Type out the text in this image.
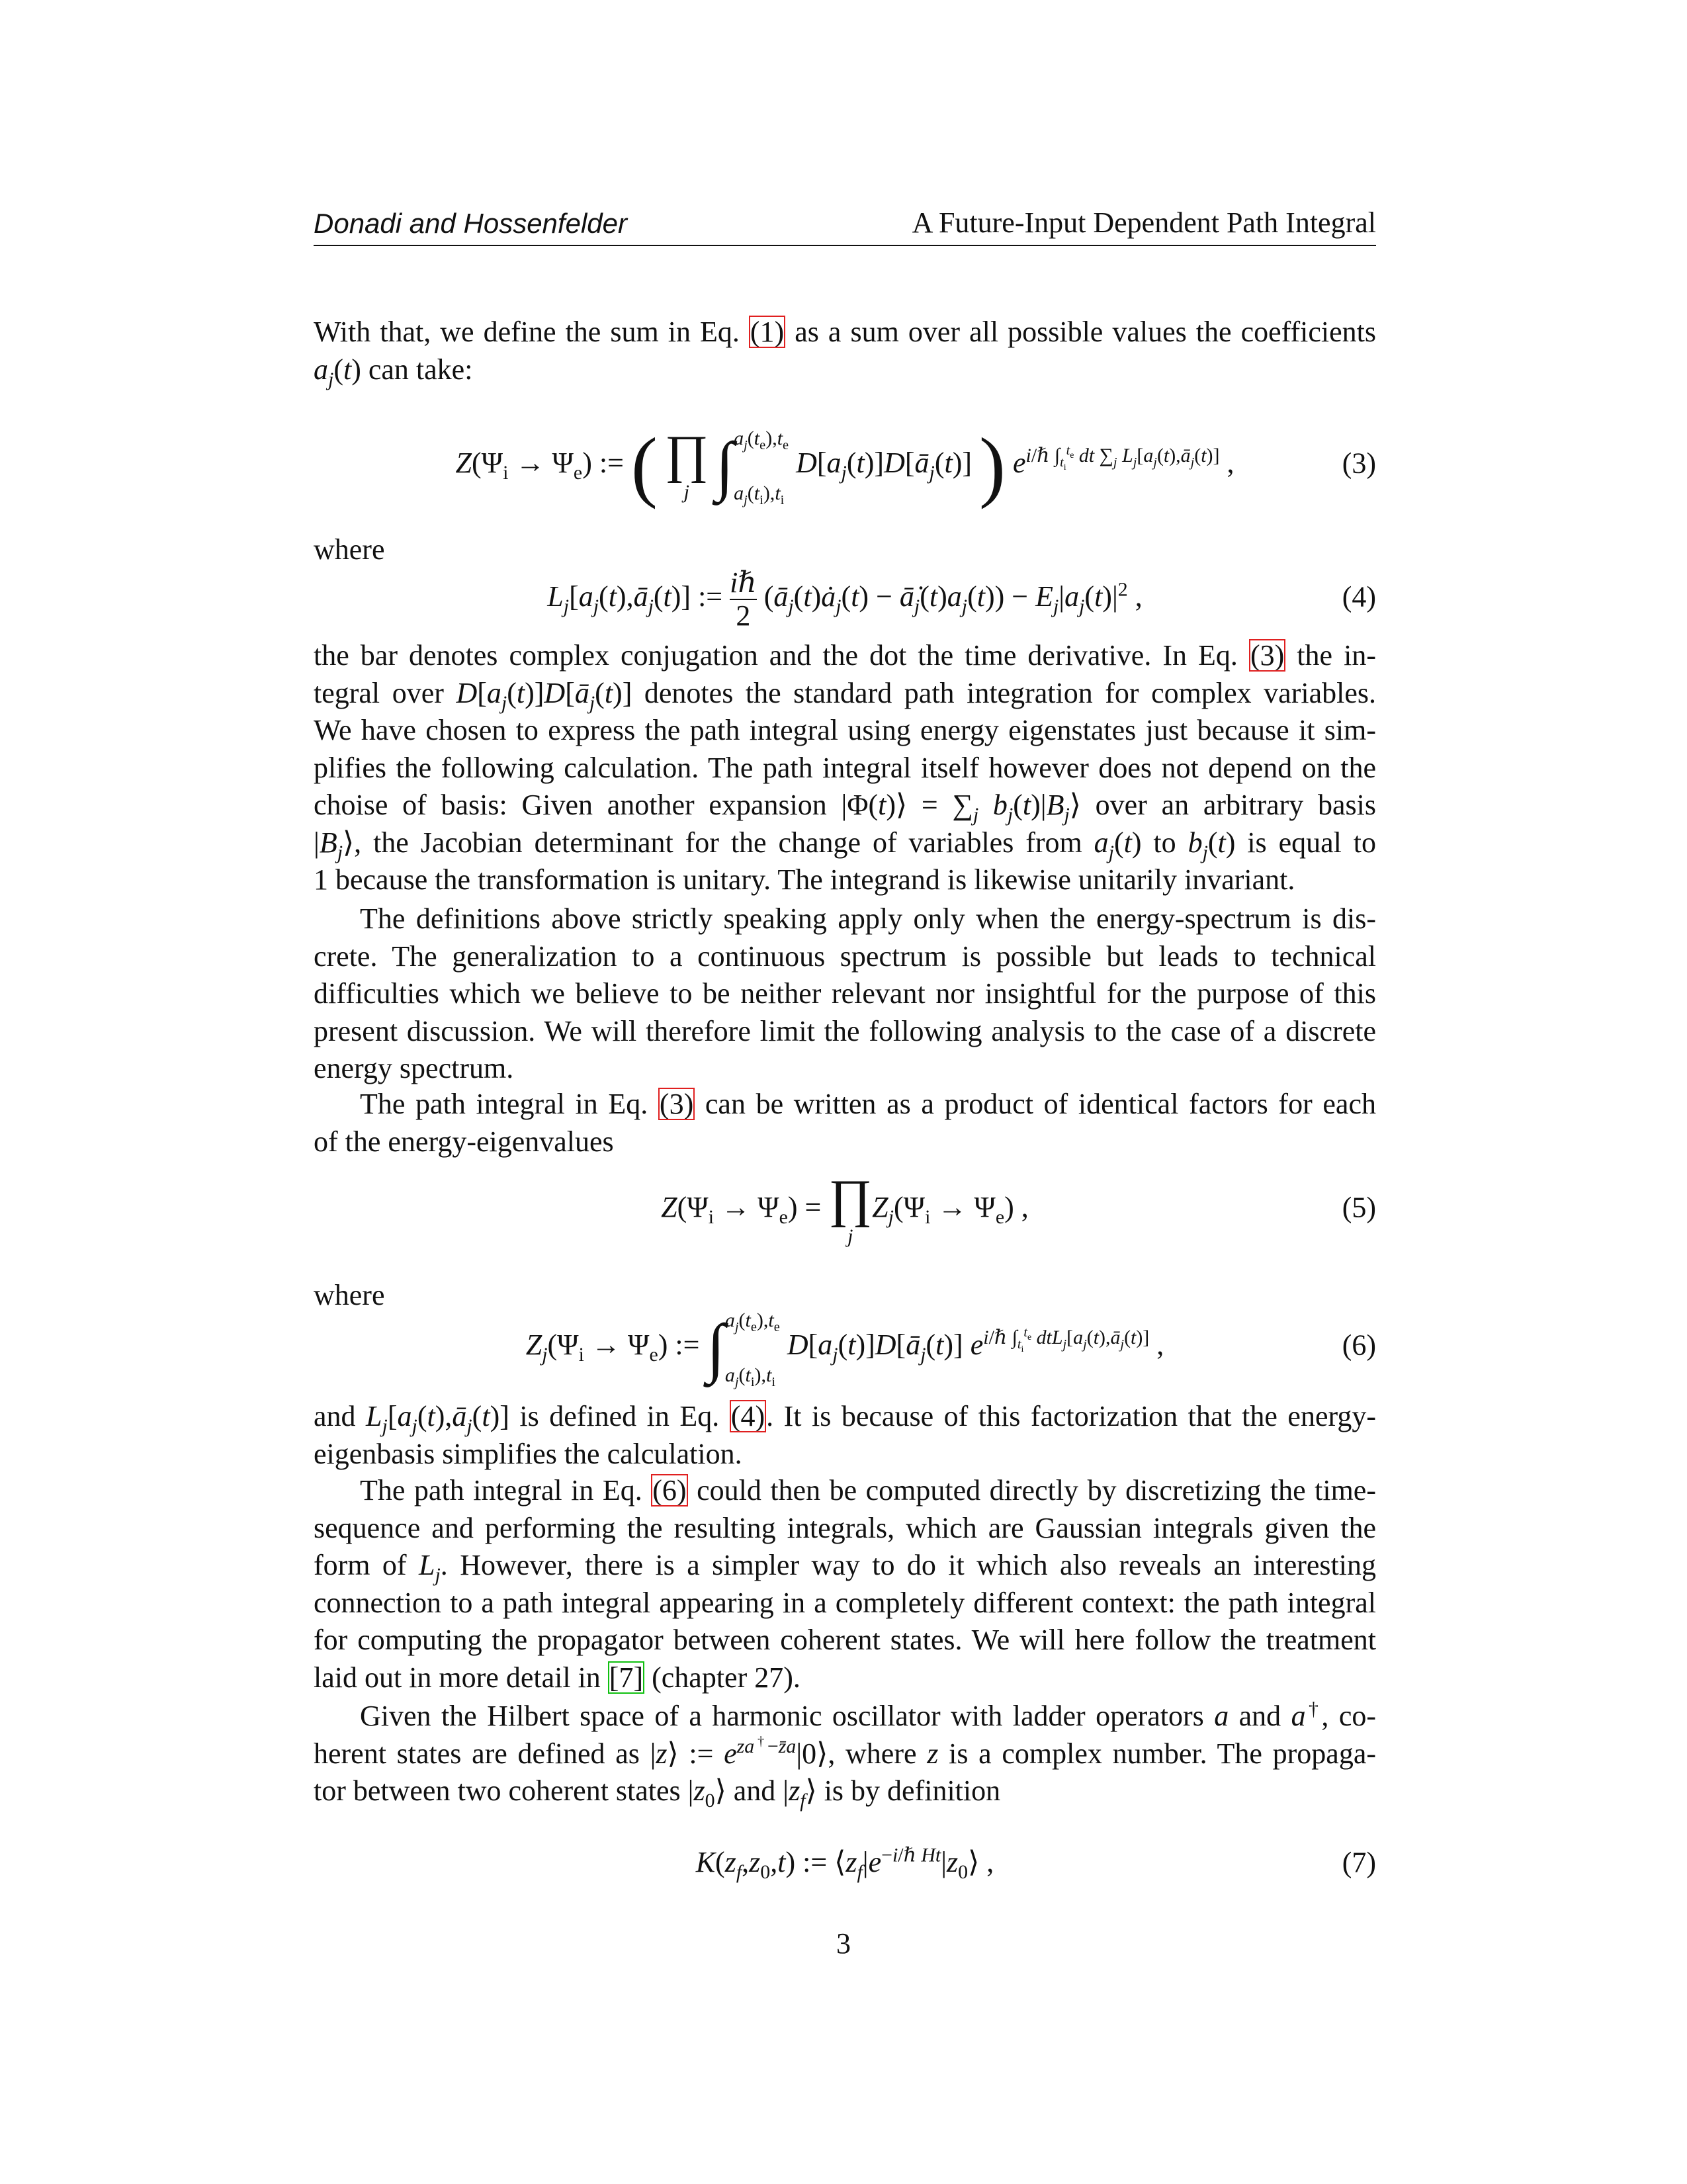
Donadi and Hossenfelder	A Future-Input Dependent Path Integral
With that, we define the sum in Eq. (1) as a sum over all possible values the coefficients
$a_j(t)$ can take:
$Z(\Psi_i \to \Psi_e)$ := ( ∏
j ∫ $a_j(t_e),t_e$
$a_j(t_i),t_i$
$D[a_j(t)]D[ā_j(t)]$ ) $e^{i/\hbar \int_{t_i}^{t_e} dt \sum_j L_j[a_j(t),ā_j(t)]}$ ,	(3)
where
$L_j[a_j(t),ā_j(t)]$ := $\frac{\text{iℏ}}{2}$ ($ā_j(t)ȧ_j(t)$ − $ā̇_j(t)a_j(t)) - E_j|a_j(t)|^2$ ,	(4)
the bar denotes complex conjugation and the dot the time derivative. In Eq. (3) the in-
tegral over $D[a_j(t)]D[ā_j(t)]$ denotes the standard path integration for complex variables.
We have chosen to express the path integral using energy eigenstates just because it sim-
plifies the following calculation. The path integral itself however does not depend on the
choise of basis: Given another expansion |Φ(t)⟩ = $\sum_j$ $b_j(t)|B_j⟩$ over an arbitrary basis
$|B_j⟩$, the Jacobian determinant for the change of variables from $a_j(t)$ to $b_j(t)$ is equal to
1 because the transformation is unitary. The integrand is likewise unitarily invariant.
The definitions above strictly speaking apply only when the energy-spectrum is dis-
crete. The generalization to a continuous spectrum is possible but leads to technical
difficulties which we believe to be neither relevant nor insightful for the purpose of this
present discussion. We will therefore limit the following analysis to the case of a discrete
energy spectrum.
The path integral in Eq. (3) can be written as a product of identical factors for each
of the energy-eigenvalues
$Z(\Psi_i \to \Psi_e)$ = ∏
j
$Z_j(\Psi_i \to \Psi_e)$ ,	(5)
where
$Z_j(\Psi_i \to \Psi_e)$ := ∫ $a_j(t_e),t_e$
$a_j(t_i),t_i$
$D[a_j(t)]D[ā_j(t)]$ $e^{i/\hbar \int_{t_i}^{t_e} dtL_j[a_j(t),ā_j(t)]}$ ,	(6)
and $L_j[a_j(t),ā_j(t)]$ is defined in Eq. (4). It is because of this factorization that the energy-
eigenbasis simplifies the calculation.
The path integral in Eq. (6) could then be computed directly by discretizing the time-
sequence and performing the resulting integrals, which are Gaussian integrals given the
form of $L_j$. However, there is a simpler way to do it which also reveals an interesting
connection to a path integral appearing in a completely different context: the path integral
for computing the propagator between coherent states. We will here follow the treatment
laid out in more detail in [7] (chapter 27).
Given the Hilbert space of a harmonic oscillator with ladder operators a and a†, co-
herent states are defined as |z⟩ := $e^{za^\dagger-z̄a}|0⟩$, where z is a complex number. The propaga-
tor between two coherent states $|z_0⟩$ and $|z_f⟩$ is by definition
$K(z_f,z_0,t)$ := $⟨z_f|e^{-i/\hbar Ht}|z_0⟩$ ,	(7)
3
